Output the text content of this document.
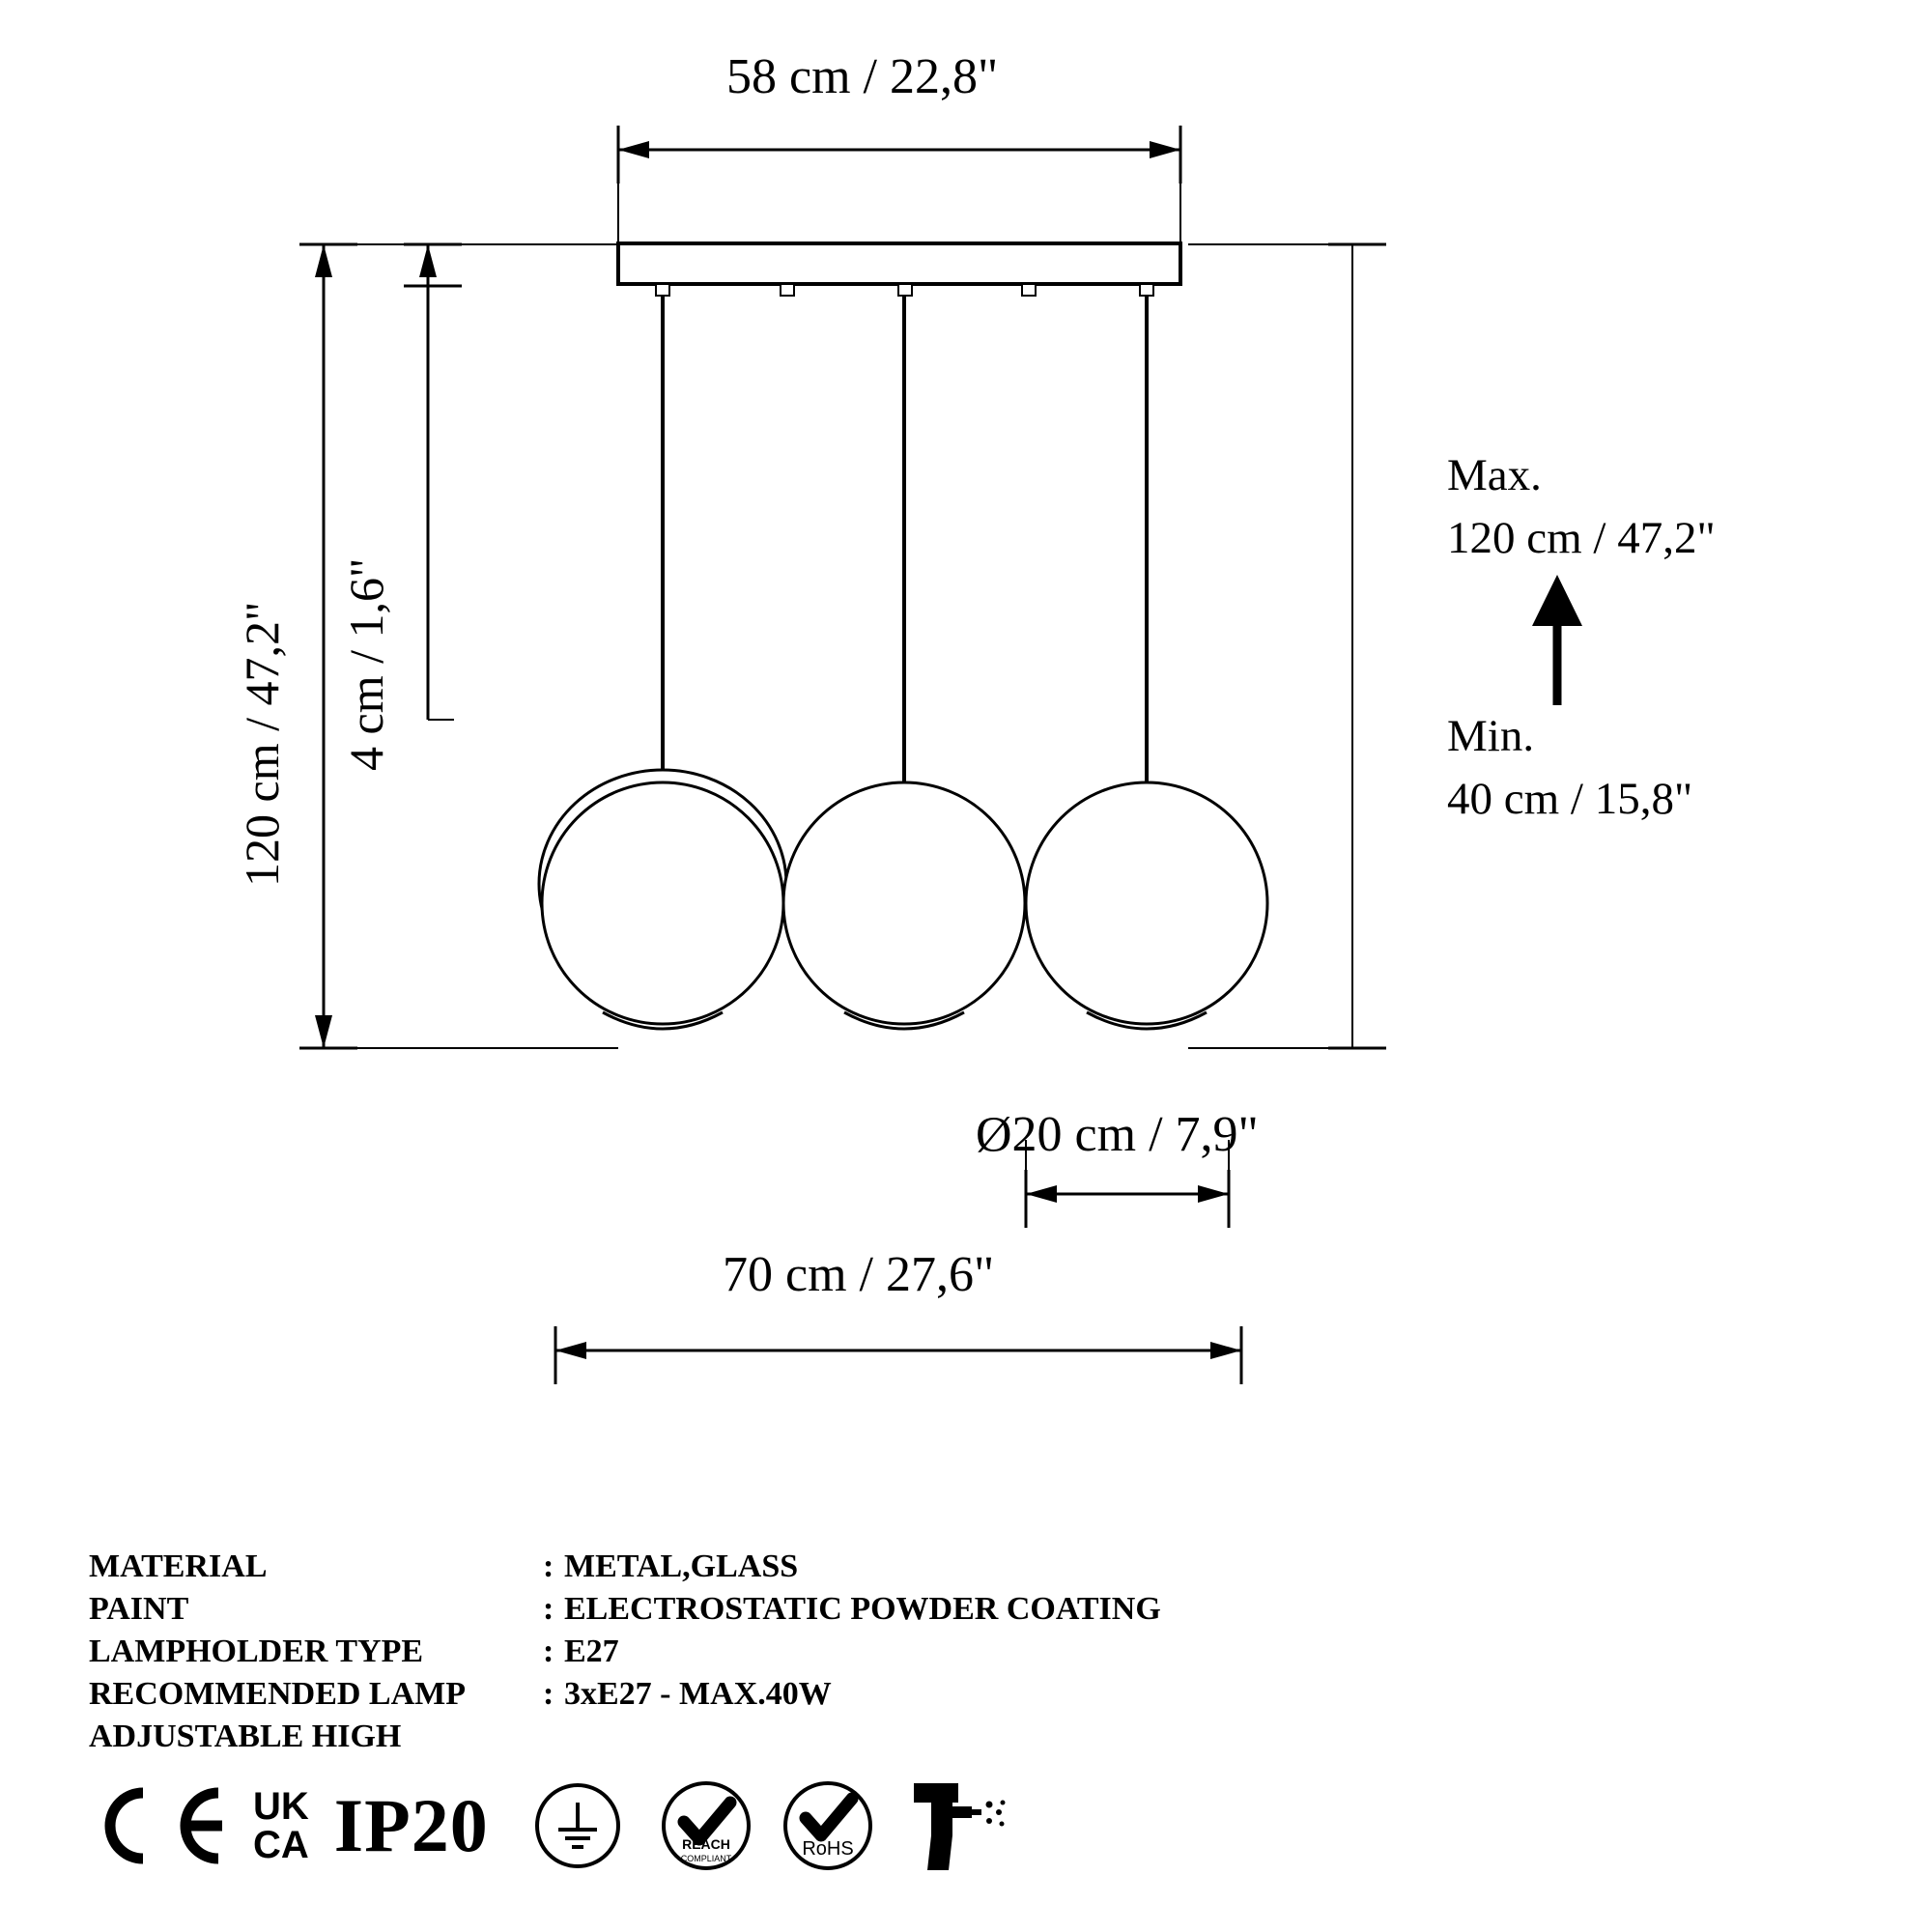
58 cm / 22,8"
120 cm / 47,2" 4 cm / 1,6"
Max.
120 cm / 47,2"
Min.
40 cm / 15,8"
Ø20 cm / 7,9"
70 cm / 27,6"
MATERIAL	: METAL,GLASS
PAINT	: ELECTROSTATIC POWDER COATING
LAMPHOLDER TYPE	: E27
RECOMMENDED LAMP	: 3xE27 - MAX.40W
ADJUSTABLE HIGH
UK
CA IP20	REACH
COMPLIANT	RoHS
